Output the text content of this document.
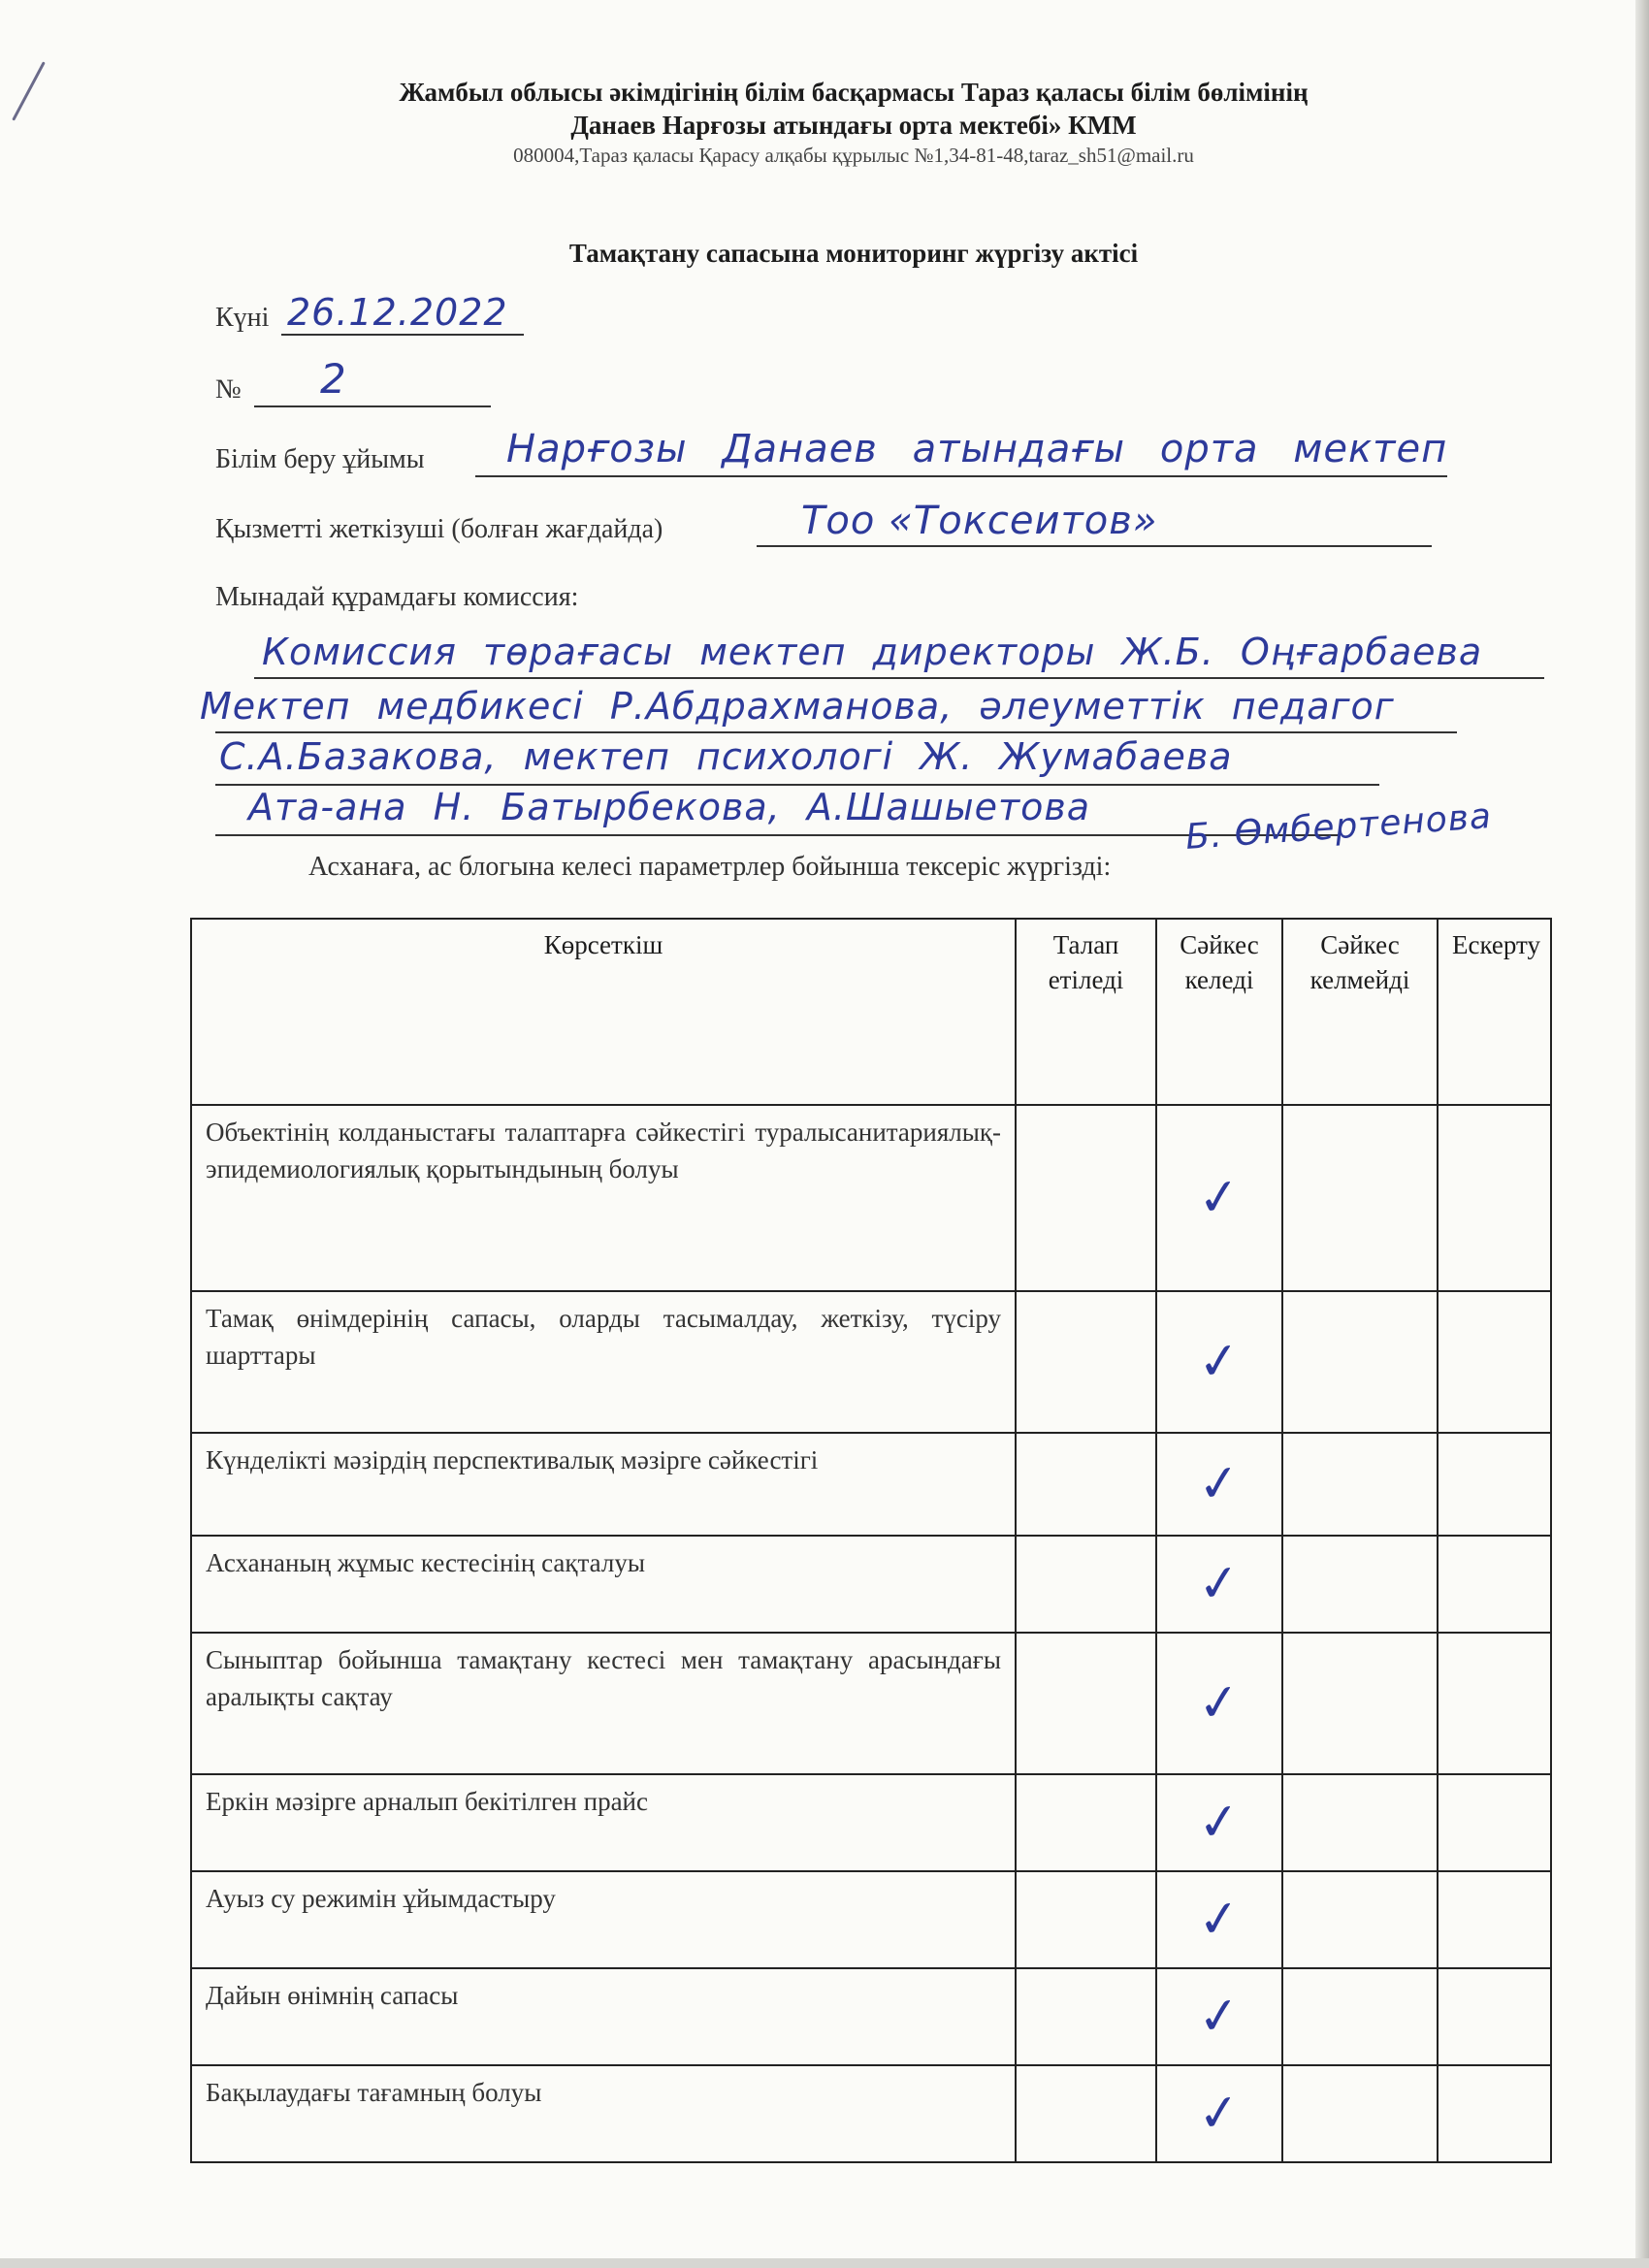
Жамбыл облысы әкімдігінің білім басқармасы Тараз қаласы білім бөлімінің
Данаев Нарғозы атындағы орта мектебі» КММ
080004,Тараз қаласы Қарасу алқабы құрылыс №1,34-81-48,taraz_sh51@mail.ru
Тамақтану сапасына мониторинг жүргізу актісі
Күні 26.12.2022
№ 2
Білім беру ұйымы Нарғозы Данаев атындағы орта мектеп
Қызметті жеткізуші (болған жағдайда)	Тоо «Токсеитов»
Мынадай құрамдағы комиссия:
Комиссия төрағасы мектеп директоры Ж.Б. Оңғарбаева
Мектеп медбикесі Р.Абдрахманова, әлеуметтік педагог
С.А.Базакова, мектеп психологі Ж. Жумабаева
Ата-ана Н. Батырбекова, А.Шашыетова	Б. Өмбертенова
Асханаға, ас блогына келесі параметрлер бойынша тексеріс жүргізді:
Көрсеткіш	Талап етіледі	Сәйкес келеді	Сәйкес келмейді	Ескерту
Объектінің колданыстағы талаптарға сәйкестігі туралысанитариялық-эпидемиологиялық қорытындының болуы		✓		
Тамақ өнімдерінің сапасы, оларды тасымалдау, жеткізу, түсіру шарттары		✓		
Күнделікті мәзірдің перспективалық мәзірге сәйкестігі		✓		
Асхананың жұмыс кестесінің сақталуы		✓		
Сыныптар бойынша тамақтану кестесі мен тамақтану арасындағы аралықты сақтау		✓		
Еркін мәзірге арналып бекітілген прайс		✓		
Ауыз су режимін ұйымдастыру		✓		
Дайын өнімнің сапасы		✓		
Бақылаудағы тағамның болуы		✓		
